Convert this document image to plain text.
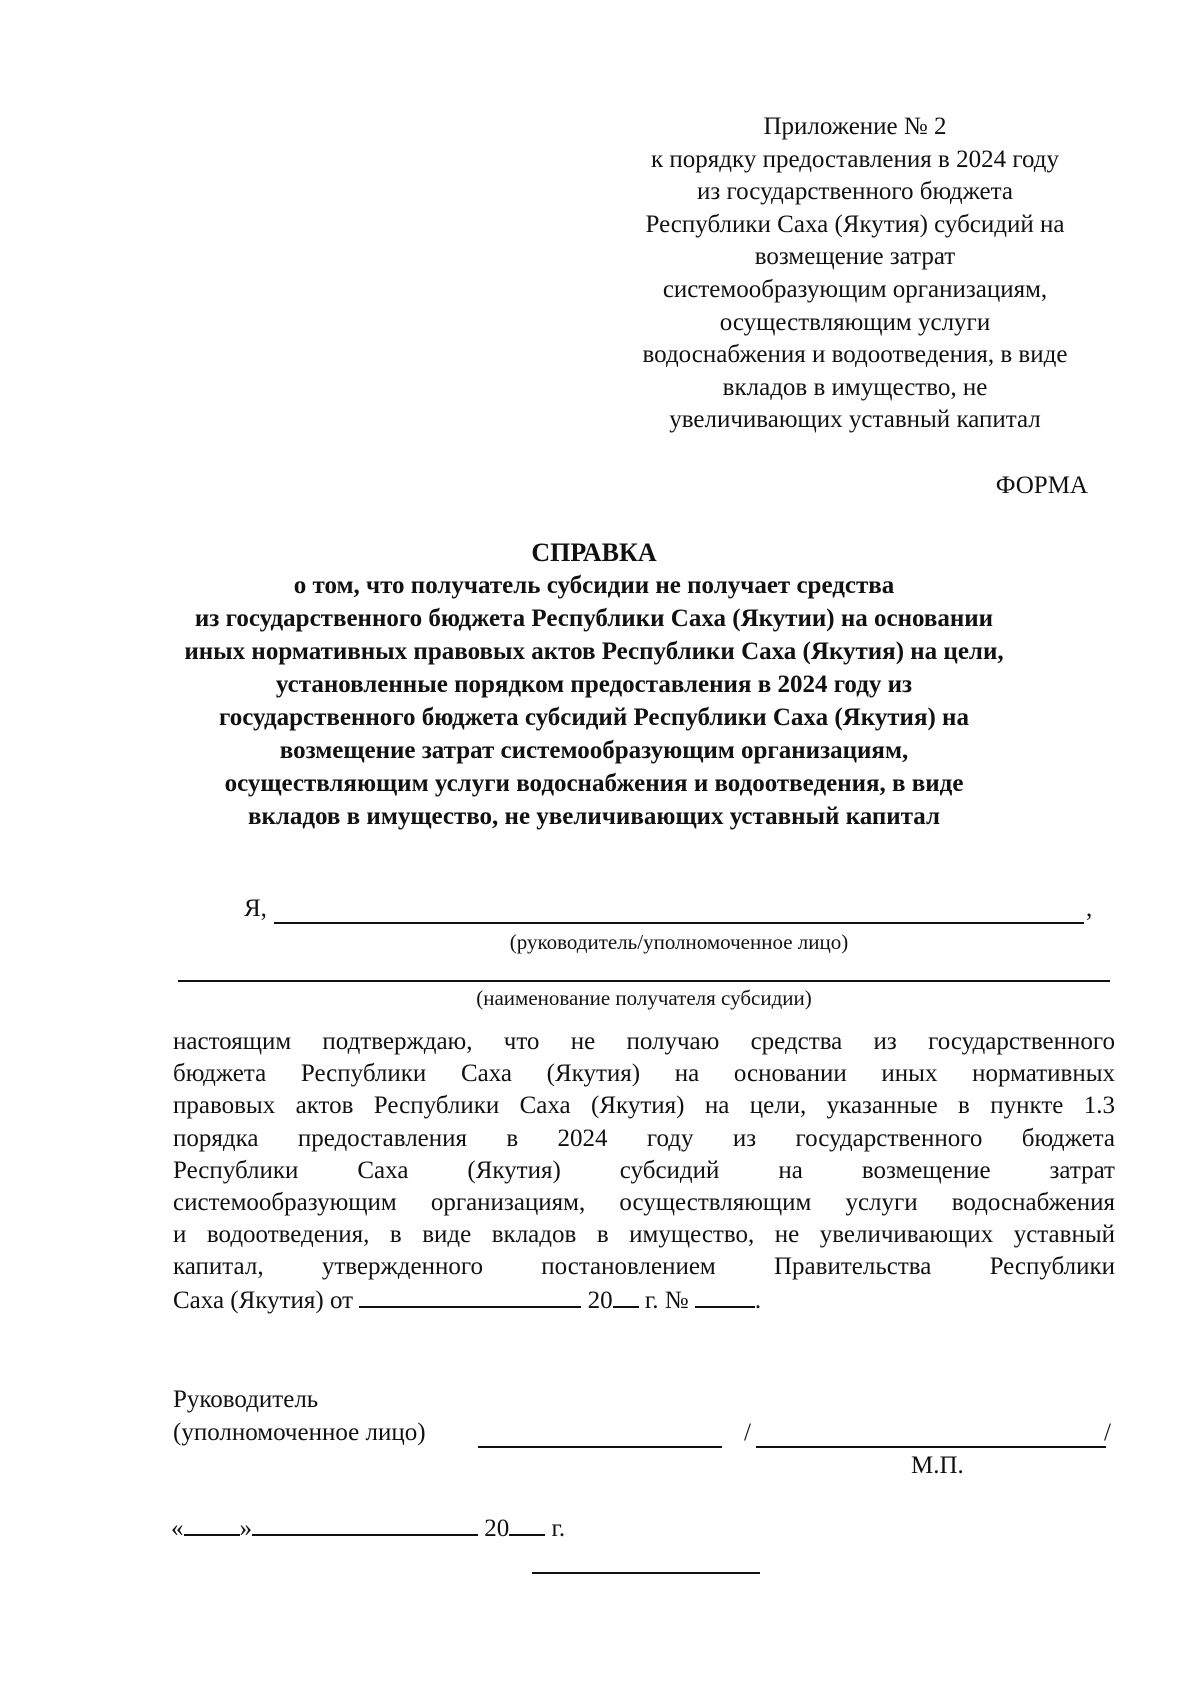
Приложение № 2
к порядку предоставления в 2024 году
из государственного бюджета
Республики Саха (Якутия) субсидий на
возмещение затрат
системообразующим организациям,
осуществляющим услуги
водоснабжения и водоотведения, в виде
вкладов в имущество, не
увеличивающих уставный капитал
ФОРМА
СПРАВКА
о том, что получатель субсидии не получает средства
из государственного бюджета Республики Саха (Якутии) на основании
иных нормативных правовых актов Республики Саха (Якутия) на цели,
установленные порядком предоставления в 2024 году из
государственного бюджета субсидий Республики Саха (Якутия) на
возмещение затрат системообразующим организациям,
осуществляющим услуги водоснабжения и водоотведения, в виде
вкладов в имущество, не увеличивающих уставный капитал
Я,	,
(руководитель/уполномоченное лицо)
(наименование получателя субсидии)
настоящим подтверждаю, что не получаю средства из государственного
бюджета Республики Саха (Якутия) на основании иных нормативных
правовых актов Республики Саха (Якутия) на цели, указанные в пункте 1.3
порядка предоставления в 2024 году из государственного бюджета
Республики Саха (Якутия) субсидий на возмещение затрат
системообразующим организациям, осуществляющим услуги водоснабжения
и водоотведения, в виде вкладов в имущество, не увеличивающих уставный
капитал, утвержденного постановлением Правительства Республики
Саха (Якутия) от	20 г. №	.
Руководитель
(уполномоченное лицо)	/	/
М.П.
« »	20 г.
